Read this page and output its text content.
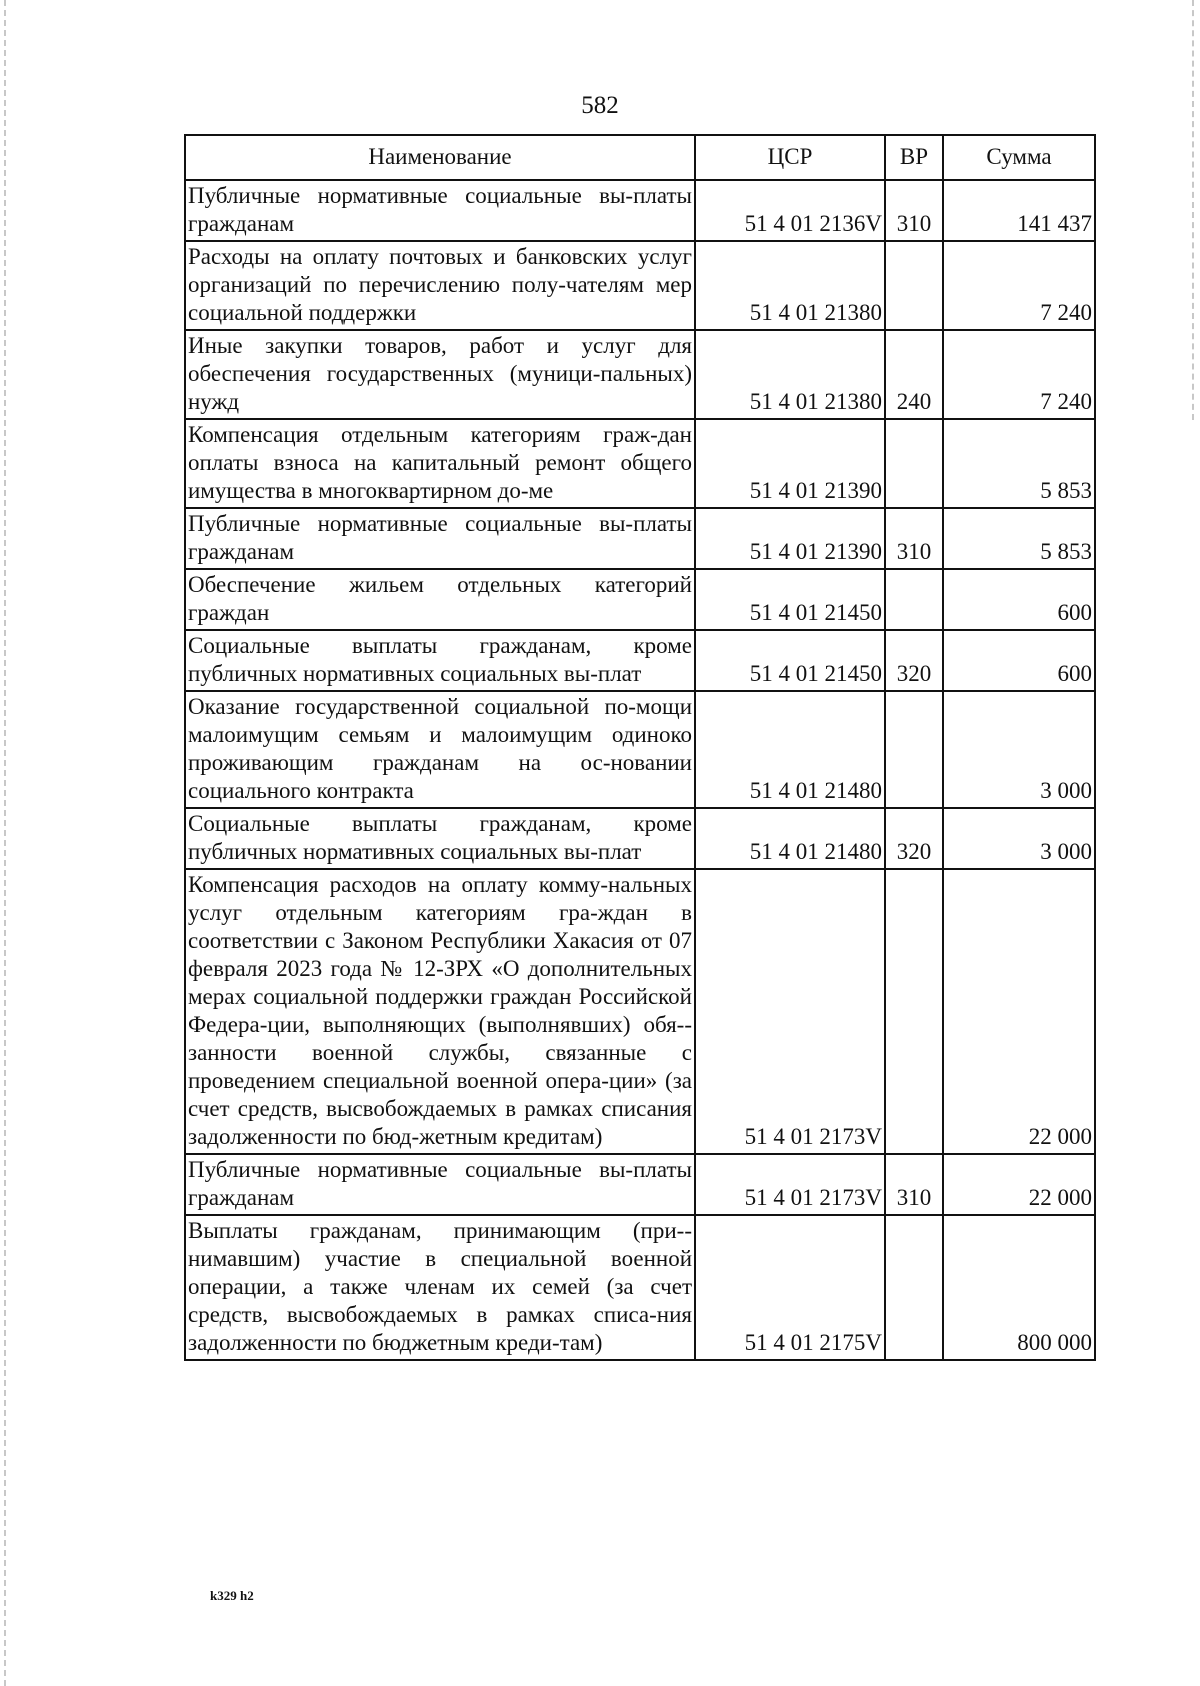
582
Наименование	ЦСР	ВР	Сумма
Публичные нормативные социальные вы-платы гражданам	51 4 01 2136V	310	141 437
Расходы на оплату почтовых и банковских услуг организаций по перечислению полу-чателям мер социальной поддержки	51 4 01 21380		7 240
Иные закупки товаров, работ и услуг для обеспечения государственных (муници-пальных) нужд	51 4 01 21380	240	7 240
Компенсация отдельным категориям граж-дан оплаты взноса на капитальный ремонт общего имущества в многоквартирном до-ме	51 4 01 21390		5 853
Публичные нормативные социальные вы-платы гражданам	51 4 01 21390	310	5 853
Обеспечение жильем отдельных категорий граждан	51 4 01 21450		600
Социальные выплаты гражданам, кроме публичных нормативных социальных вы-плат	51 4 01 21450	320	600
Оказание государственной социальной по-мощи малоимущим семьям и малоимущим одиноко проживающим гражданам на ос-новании социального контракта	51 4 01 21480		3 000
Социальные выплаты гражданам, кроме публичных нормативных социальных вы-плат	51 4 01 21480	320	3 000
Компенсация расходов на оплату комму-нальных услуг отдельным категориям гра-ждан в соответствии с Законом Республики Хакасия от 07 февраля 2023 года № 12-ЗРХ «О дополнительных мерах социальной поддержки граждан Российской Федера-ции, выполняющих (выполнявших) обя-занности военной службы, связанные с проведением специальной военной опера-ции» (за счет средств, высвобождаемых в рамках списания задолженности по бюд-жетным кредитам)	51 4 01 2173V		22 000
Публичные нормативные социальные вы-платы гражданам	51 4 01 2173V	310	22 000
Выплаты гражданам, принимающим (при-нимавшим) участие в специальной военной операции, а также членам их семей (за счет средств, высвобождаемых в рамках списа-ния задолженности по бюджетным креди-там)	51 4 01 2175V		800 000
k329 h2
